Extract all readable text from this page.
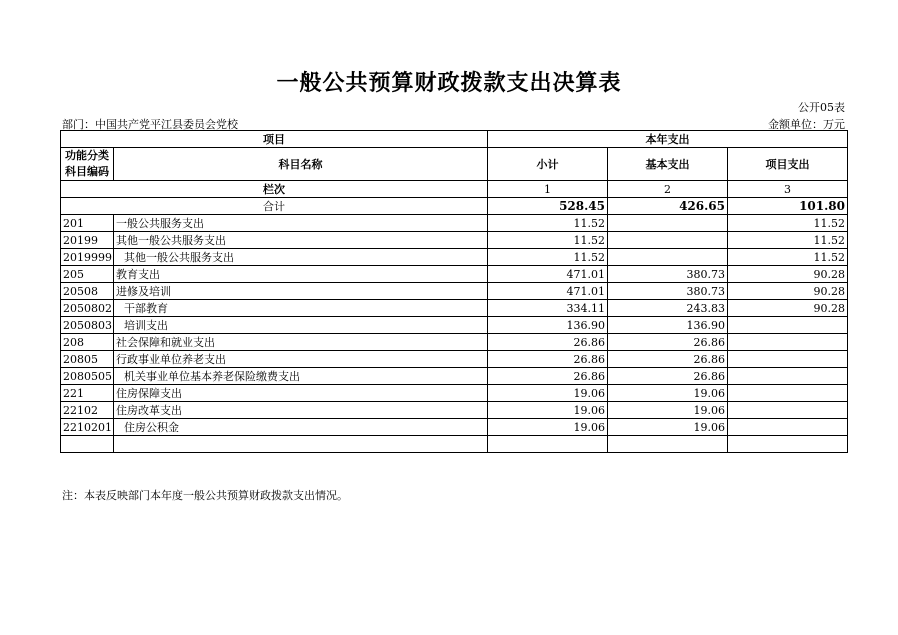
一般公共预算财政拨款支出决算表
公开05表
部门：中国共产党平江县委员会党校	金额单位：万元
项目		本年支出		
功能分类科目编码	科目名称	小计	基本支出	项目支出
栏次		1	2	3
合计		528.45	426.65	101.80
201	一般公共服务支出	11.52		11.52
20199	其他一般公共服务支出	11.52		11.52
2019999	其他一般公共服务支出	11.52		11.52
205	教育支出	471.01	380.73	90.28
20508	进修及培训	471.01	380.73	90.28
2050802	干部教育	334.11	243.83	90.28
2050803	培训支出	136.90	136.90	
208	社会保障和就业支出	26.86	26.86	
20805	行政事业单位养老支出	26.86	26.86	
2080505	机关事业单位基本养老保险缴费支出	26.86	26.86	
221	住房保障支出	19.06	19.06	
22102	住房改革支出	19.06	19.06	
2210201	住房公积金	19.06	19.06	

注：本表反映部门本年度一般公共预算财政拨款支出情况。
